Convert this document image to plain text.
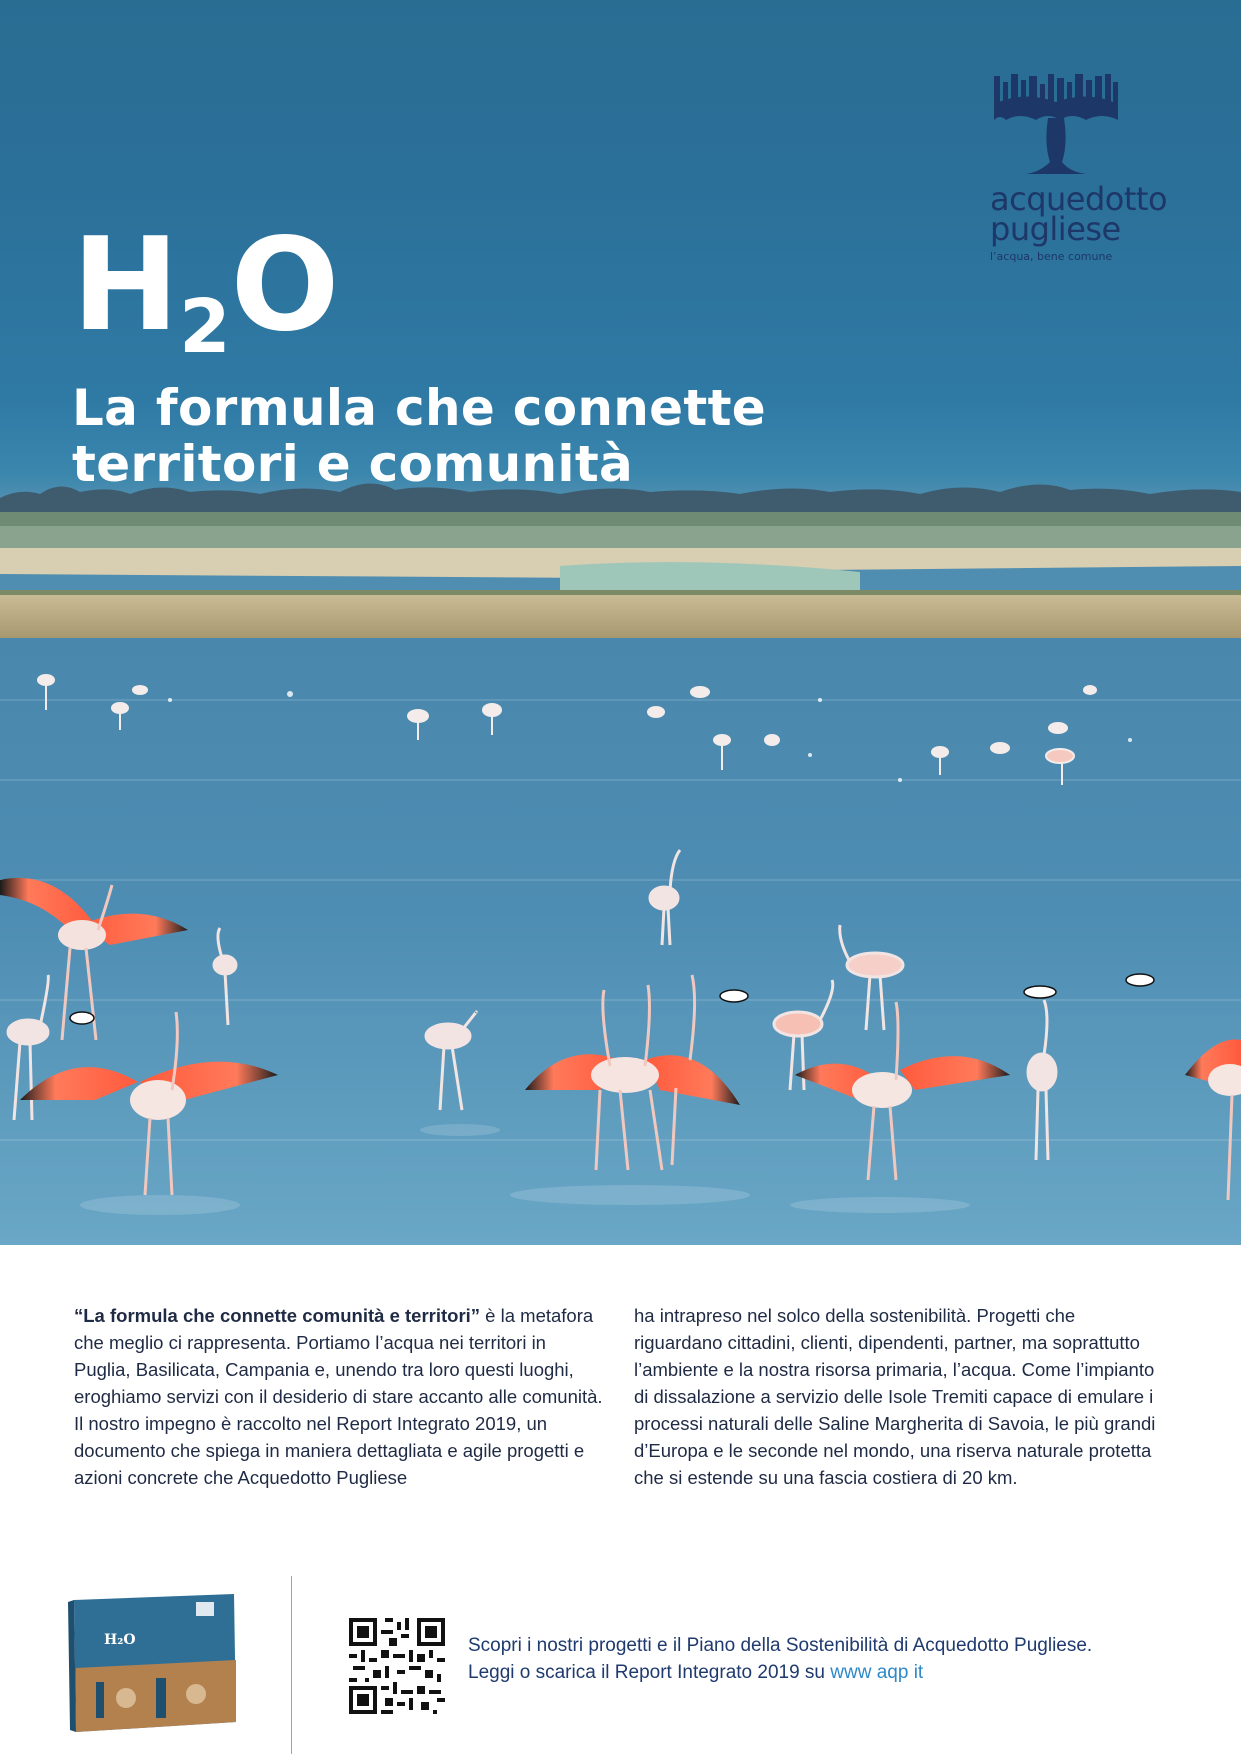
H 2 O
La formula che connette
territori e comunità
acquedotto
pugliese
l’acqua, bene comune

“La formula che connette comunità e territori” è la metafora che meglio ci rappresenta. Portiamo l’acqua nei territori in Puglia, Basilicata, Campania e, unendo tra loro questi luoghi, eroghiamo servizi con il desiderio di stare accanto alle comunità.

Il nostro impegno è raccolto nel Report Integrato 2019, un documento che spiega in maniera dettagliata e agile progetti e azioni concrete che Acquedotto Pugliese

ha intrapreso nel solco della sostenibilità. Progetti che riguardano cittadini, clienti, dipendenti, partner, ma soprattutto l’ambiente e la nostra risorsa primaria, l’acqua. Come l’impianto di dissalazione a servizio delle Isole Tremiti capace di emulare i processi naturali delle Saline Margherita di Savoia, le più grandi d’Europa e le seconde nel mondo, una riserva naturale protetta che si estende su una fascia costiera di 20 km.

H₂O	Scopri i nostri progetti e il Piano della Sostenibilità di Acquedotto Pugliese.
Leggi o scarica il Report Integrato 2019 su www aqp it
